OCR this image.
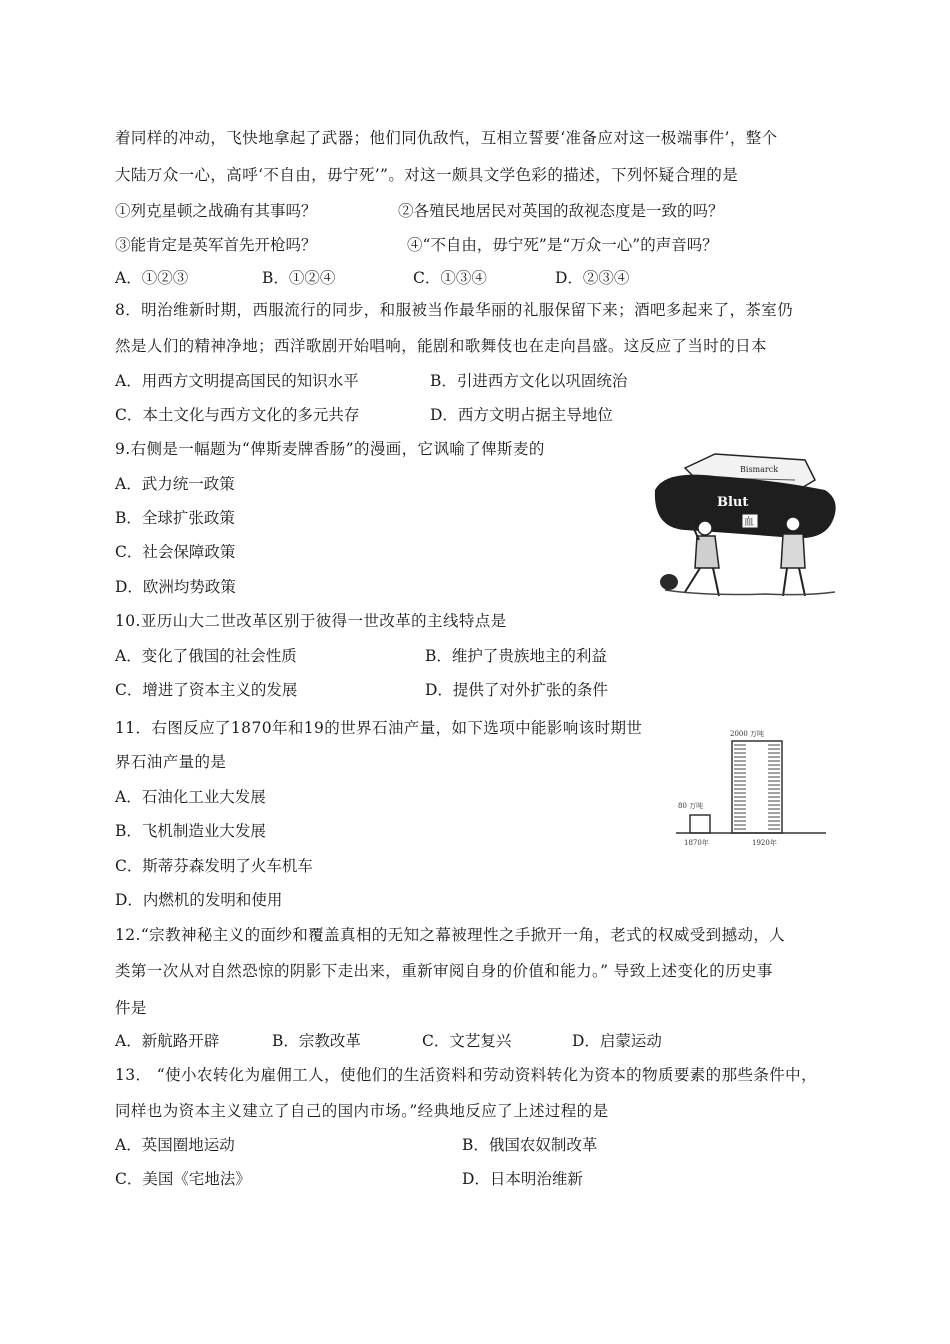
着同样的冲动，飞快地拿起了武器；他们同仇敌忾，互相立誓要‘准备应对这一极端事件’，整个
大陆万众一心，高呼‘不自由，毋宁死’”。对这一颇具文学色彩的描述，下列怀疑合理的是
①列克星顿之战确有其事吗？	②各殖民地居民对英国的敌视态度是一致的吗？
③能肯定是英军首先开枪吗？	④“不自由，毋宁死”是“万众一心”的声音吗？
A．①②③	B．①②④	C．①③④	D．②③④
8．明治维新时期，西服流行的同步，和服被当作最华丽的礼服保留下来；酒吧多起来了，茶室仍
然是人们的精神净地；西洋歌剧开始唱响，能剧和歌舞伎也在走向昌盛。这反应了当时的日本
A．用西方文明提高国民的知识水平	B．引进西方文化以巩固统治
C．本土文化与西方文化的多元共存	D．西方文明占据主导地位
9.右侧是一幅题为“俾斯麦牌香肠”的漫画，它讽喻了俾斯麦的
A．武力统一政策
B．全球扩张政策
C．社会保障政策
D．欧洲均势政策
Bismarck
Blut
血
10.亚历山大二世改革区别于彼得一世改革的主线特点是
A．变化了俄国的社会性质	B．维护了贵族地主的利益
C．增进了资本主义的发展	D．提供了对外扩张的条件
11．右图反应了1870年和19的世界石油产量，如下选项中能影响该时期世
界石油产量的是
A．石油化工业大发展
B．飞机制造业大发展
C．斯蒂芬森发明了火车机车
D．内燃机的发明和使用
2000 万吨
80 万吨
1870年	1920年
12.“宗教神秘主义的面纱和覆盖真相的无知之幕被理性之手掀开一角，老式的权威受到撼动，人
类第一次从对自然恐惊的阴影下走出来，重新审阅自身的价值和能力。” 导致上述变化的历史事
件是
A．新航路开辟	B．宗教改革	C．文艺复兴	D．启蒙运动
13． “使小农转化为雇佣工人，使他们的生活资料和劳动资料转化为资本的物质要素的那些条件中，
同样也为资本主义建立了自己的国内市场。”经典地反应了上述过程的是
A．英国圈地运动	B．俄国农奴制改革
C．美国《宅地法》	D．日本明治维新
